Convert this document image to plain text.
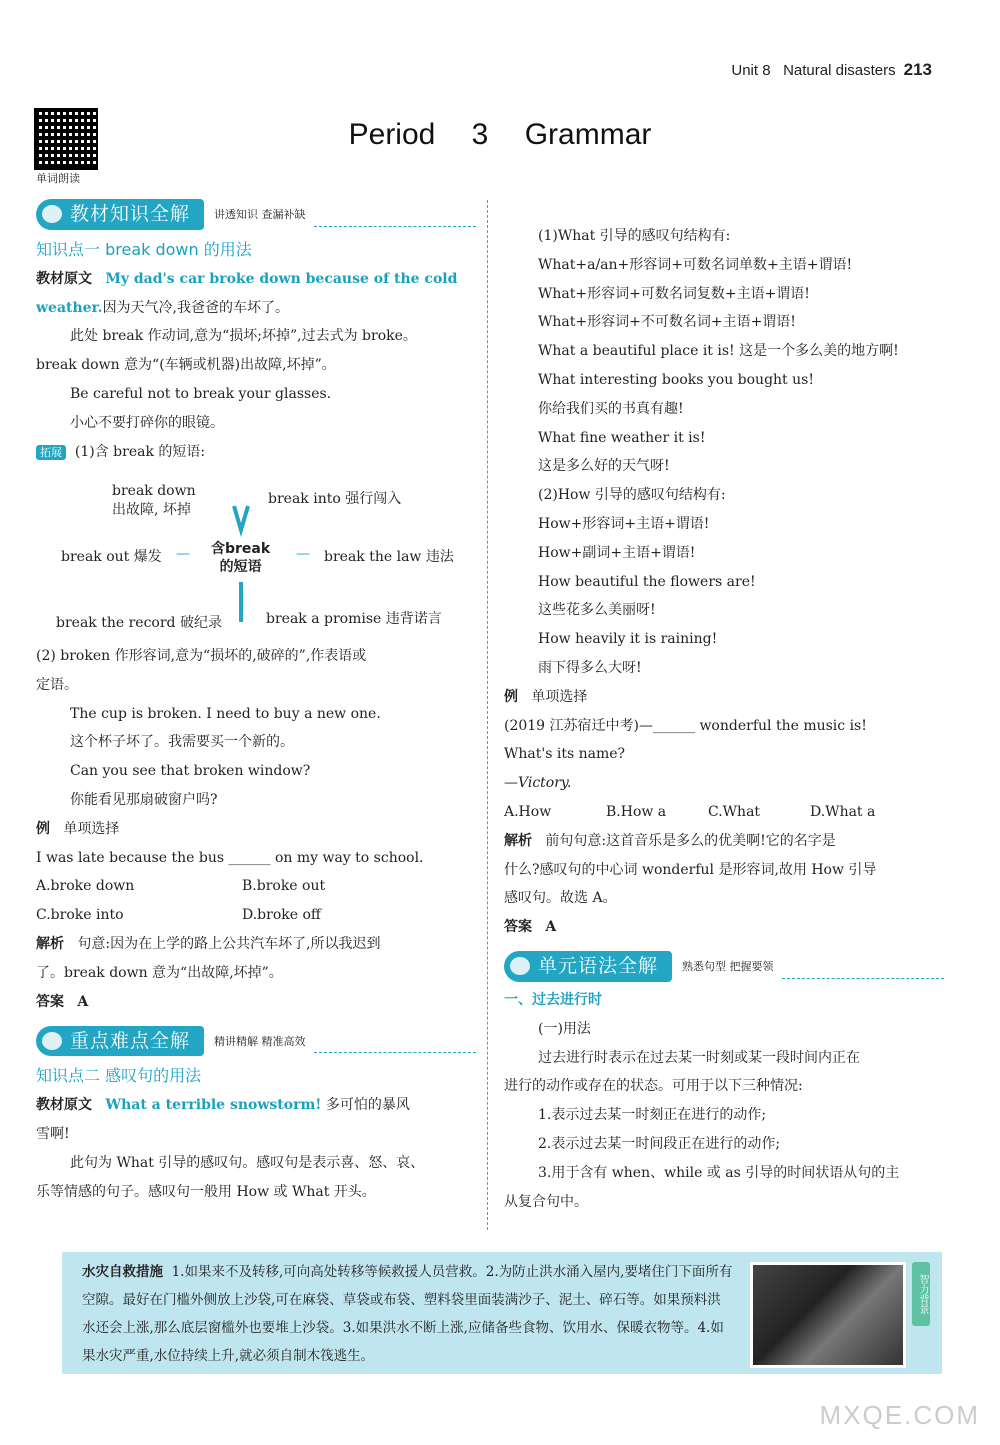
Unit 8 Natural disasters 213
单词朗读
Period 3 Grammar
教材知识全解	讲透知识 查漏补缺
知识点一 break down 的用法
教材原文 My dad's car broke down because of the cold
weather.因为天气冷,我爸爸的车坏了。
此处 break 作动词,意为“损坏;坏掉”,过去式为 broke。
break down 意为“(车辆或机器)出故障,坏掉”。
Be careful not to break your glasses.
小心不要打碎你的眼镜。
拓展 (1)含 break 的短语:
break down
出故障, 坏掉
break into 强行闯入
break out 爆发 — 含break
的短语
— break the law 违法
break the record 破纪录	break a promise 违背诺言
(2) broken 作形容词,意为“损坏的,破碎的”,作表语或
定语。
The cup is broken. I need to buy a new one.
这个杯子坏了。我需要买一个新的。
Can you see that broken window?
你能看见那扇破窗户吗?
例 单项选择
I was late because the bus ______ on my way to school.
A.broke down	B.broke out
C.broke into	D.broke off
解析 句意:因为在上学的路上公共汽车坏了,所以我迟到
了。break down 意为“出故障,坏掉”。
答案 A
重点难点全解	精讲精解 精准高效
知识点二 感叹句的用法
教材原文 What a terrible snowstorm! 多可怕的暴风
雪啊!
此句为 What 引导的感叹句。感叹句是表示喜、怒、哀、
乐等情感的句子。感叹句一般用 How 或 What 开头。
(1)What 引导的感叹句结构有:
What+a/an+形容词+可数名词单数+主语+谓语!
What+形容词+可数名词复数+主语+谓语!
What+形容词+不可数名词+主语+谓语!
What a beautiful place it is! 这是一个多么美的地方啊!
What interesting books you bought us!
你给我们买的书真有趣!
What fine weather it is!
这是多么好的天气呀!
(2)How 引导的感叹句结构有:
How+形容词+主语+谓语!
How+副词+主语+谓语!
How beautiful the flowers are!
这些花多么美丽呀!
How heavily it is raining!
雨下得多么大呀!
例 单项选择
(2019 江苏宿迁中考)—______ wonderful the music is!
What's its name?
—Victory.
A.How	B.How a	C.What	D.What a
解析 前句句意:这首音乐是多么的优美啊!它的名字是
什么?感叹句的中心词 wonderful 是形容词,故用 How 引导
感叹句。故选 A。
答案 A
单元语法全解	熟悉句型 把握要领
一、过去进行时
(一)用法
过去进行时表示在过去某一时刻或某一段时间内正在
进行的动作或存在的状态。可用于以下三种情况:
1.表示过去某一时刻正在进行的动作;
2.表示过去某一时间段正在进行的动作;
3.用于含有 when、while 或 as 引导的时间状语从句的主
从复合句中。
水灾自救措施 1.如果来不及转移,可向高处转移等候救援人员营救。2.为防止洪水涌入屋内,要堵住门下面所有空隙。最好在门槛外侧放上沙袋,可在麻袋、草袋或布袋、塑料袋里面装满沙子、泥土、碎石等。如果预料洪水还会上涨,那么底层窗槛外也要堆上沙袋。3.如果洪水不断上涨,应储备些食物、饮用水、保暖衣物等。4.如果水灾严重,水位持续上升,就必须自制木筏逃生。
智力背景
MXQE.COM
